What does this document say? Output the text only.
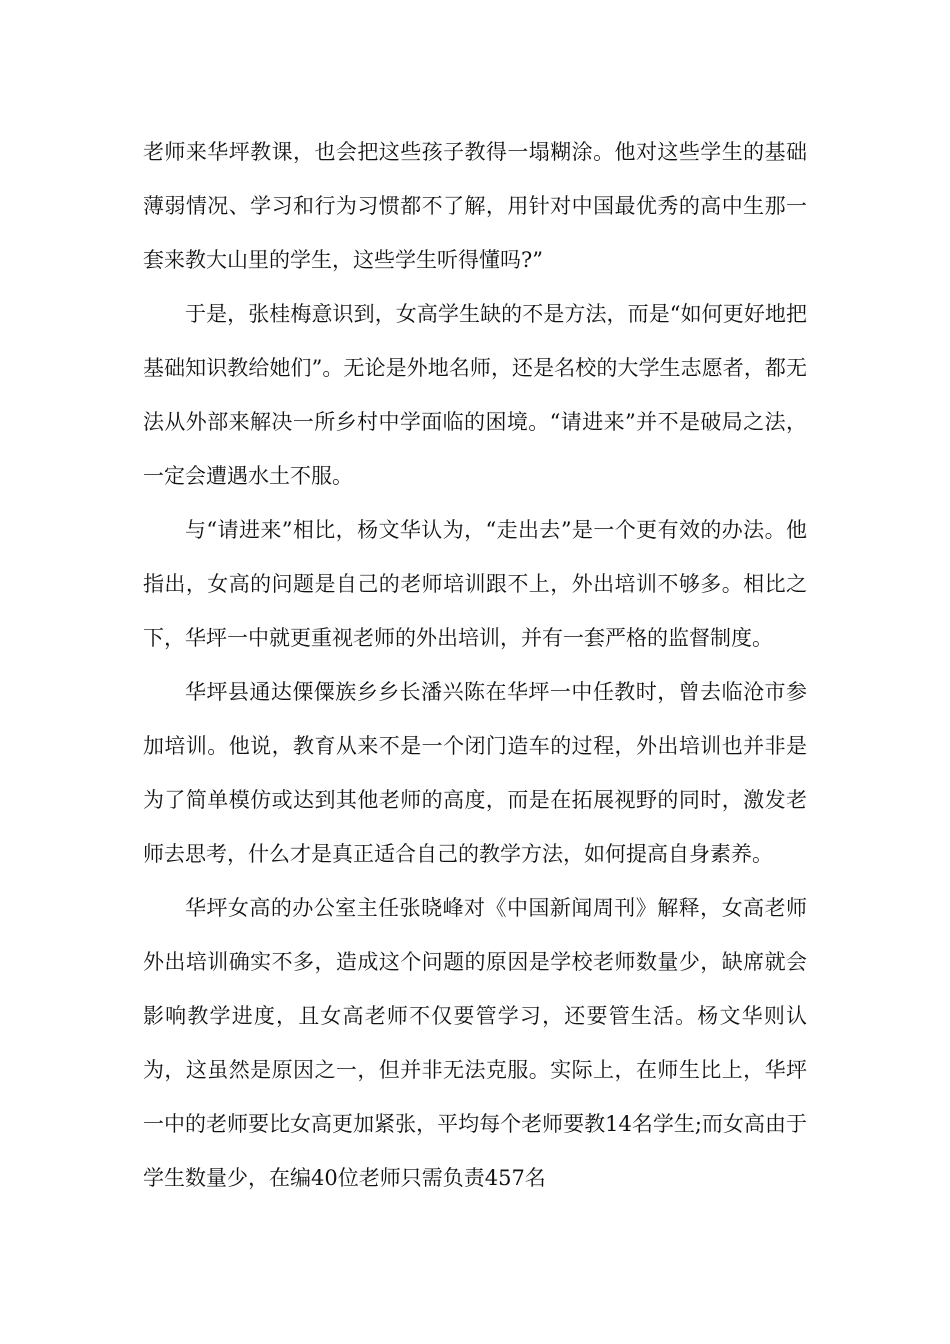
老师来华坪教课，也会把这些孩子教得一塌糊涂。他对这些学生的基础薄弱情况、学习和行为习惯都不了解，用针对中国最优秀的高中生那一套来教大山里的学生，这些学生听得懂吗?”

于是，张桂梅意识到，女高学生缺的不是方法，而是“如何更好地把基础知识教给她们”。无论是外地名师，还是名校的大学生志愿者，都无法从外部来解决一所乡村中学面临的困境。“请进来”并不是破局之法，一定会遭遇水土不服。

与“请进来”相比，杨文华认为，“走出去”是一个更有效的办法。他指出，女高的问题是自己的老师培训跟不上，外出培训不够多。相比之下，华坪一中就更重视老师的外出培训，并有一套严格的监督制度。

华坪县通达傈僳族乡乡长潘兴陈在华坪一中任教时，曾去临沧市参加培训。他说，教育从来不是一个闭门造车的过程，外出培训也并非是为了简单模仿或达到其他老师的高度，而是在拓展视野的同时，激发老师去思考，什么才是真正适合自己的教学方法，如何提高自身素养。

华坪女高的办公室主任张晓峰对《中国新闻周刊》解释，女高老师外出培训确实不多，造成这个问题的原因是学校老师数量少，缺席就会影响教学进度，且女高老师不仅要管学习，还要管生活。杨文华则认为，这虽然是原因之一，但并非无法克服。实际上，在师生比上，华坪一中的老师要比女高更加紧张，平均每个老师要教14名学生;而女高由于学生数量少，在编40位老师只需负责457名
